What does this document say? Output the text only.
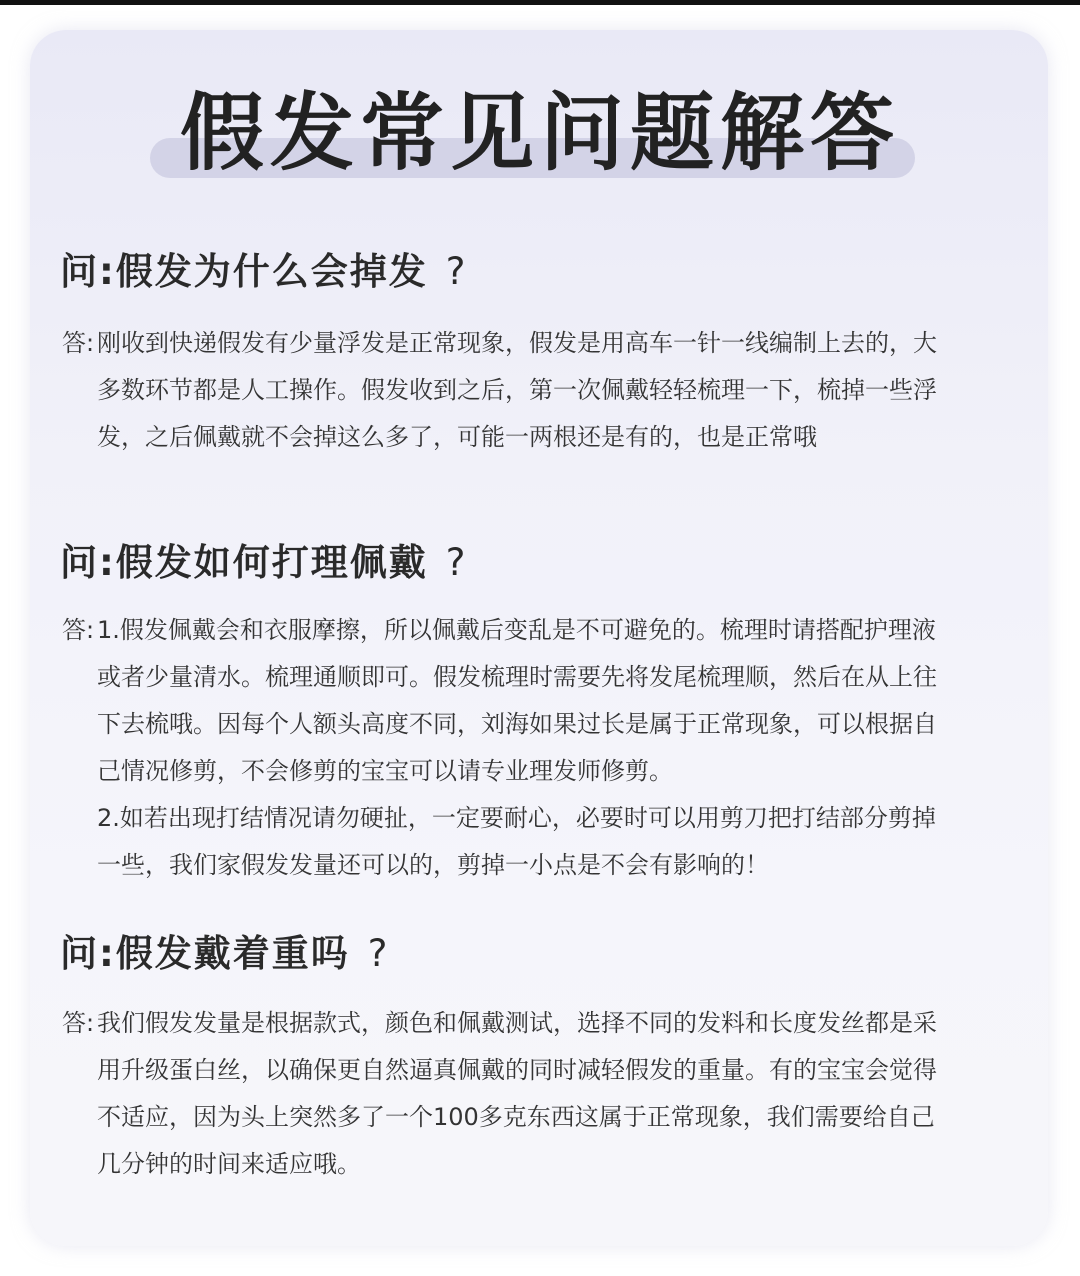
假发常见问题解答
问:假发为什么会掉发 ?
答: 刚收到快递假发有少量浮发是正常现象，假发是用高车一针一线编制上去的，大
多数环节都是人工操作。假发收到之后，第一次佩戴轻轻梳理一下，梳掉一些浮
发，之后佩戴就不会掉这么多了，可能一两根还是有的，也是正常哦
问:假发如何打理佩戴 ?
答: 1.假发佩戴会和衣服摩擦，所以佩戴后变乱是不可避免的。梳理时请搭配护理液
或者少量清水。梳理通顺即可。假发梳理时需要先将发尾梳理顺，然后在从上往
下去梳哦。因每个人额头高度不同，刘海如果过长是属于正常现象，可以根据自
己情况修剪，不会修剪的宝宝可以请专业理发师修剪。
2.如若出现打结情况请勿硬扯，一定要耐心，必要时可以用剪刀把打结部分剪掉
一些，我们家假发发量还可以的，剪掉一小点是不会有影响的！
问:假发戴着重吗 ?
答: 我们假发发量是根据款式，颜色和佩戴测试，选择不同的发料和长度发丝都是采
用升级蛋白丝，以确保更自然逼真佩戴的同时减轻假发的重量。有的宝宝会觉得
不适应，因为头上突然多了一个100多克东西这属于正常现象，我们需要给自己
几分钟的时间来适应哦。
